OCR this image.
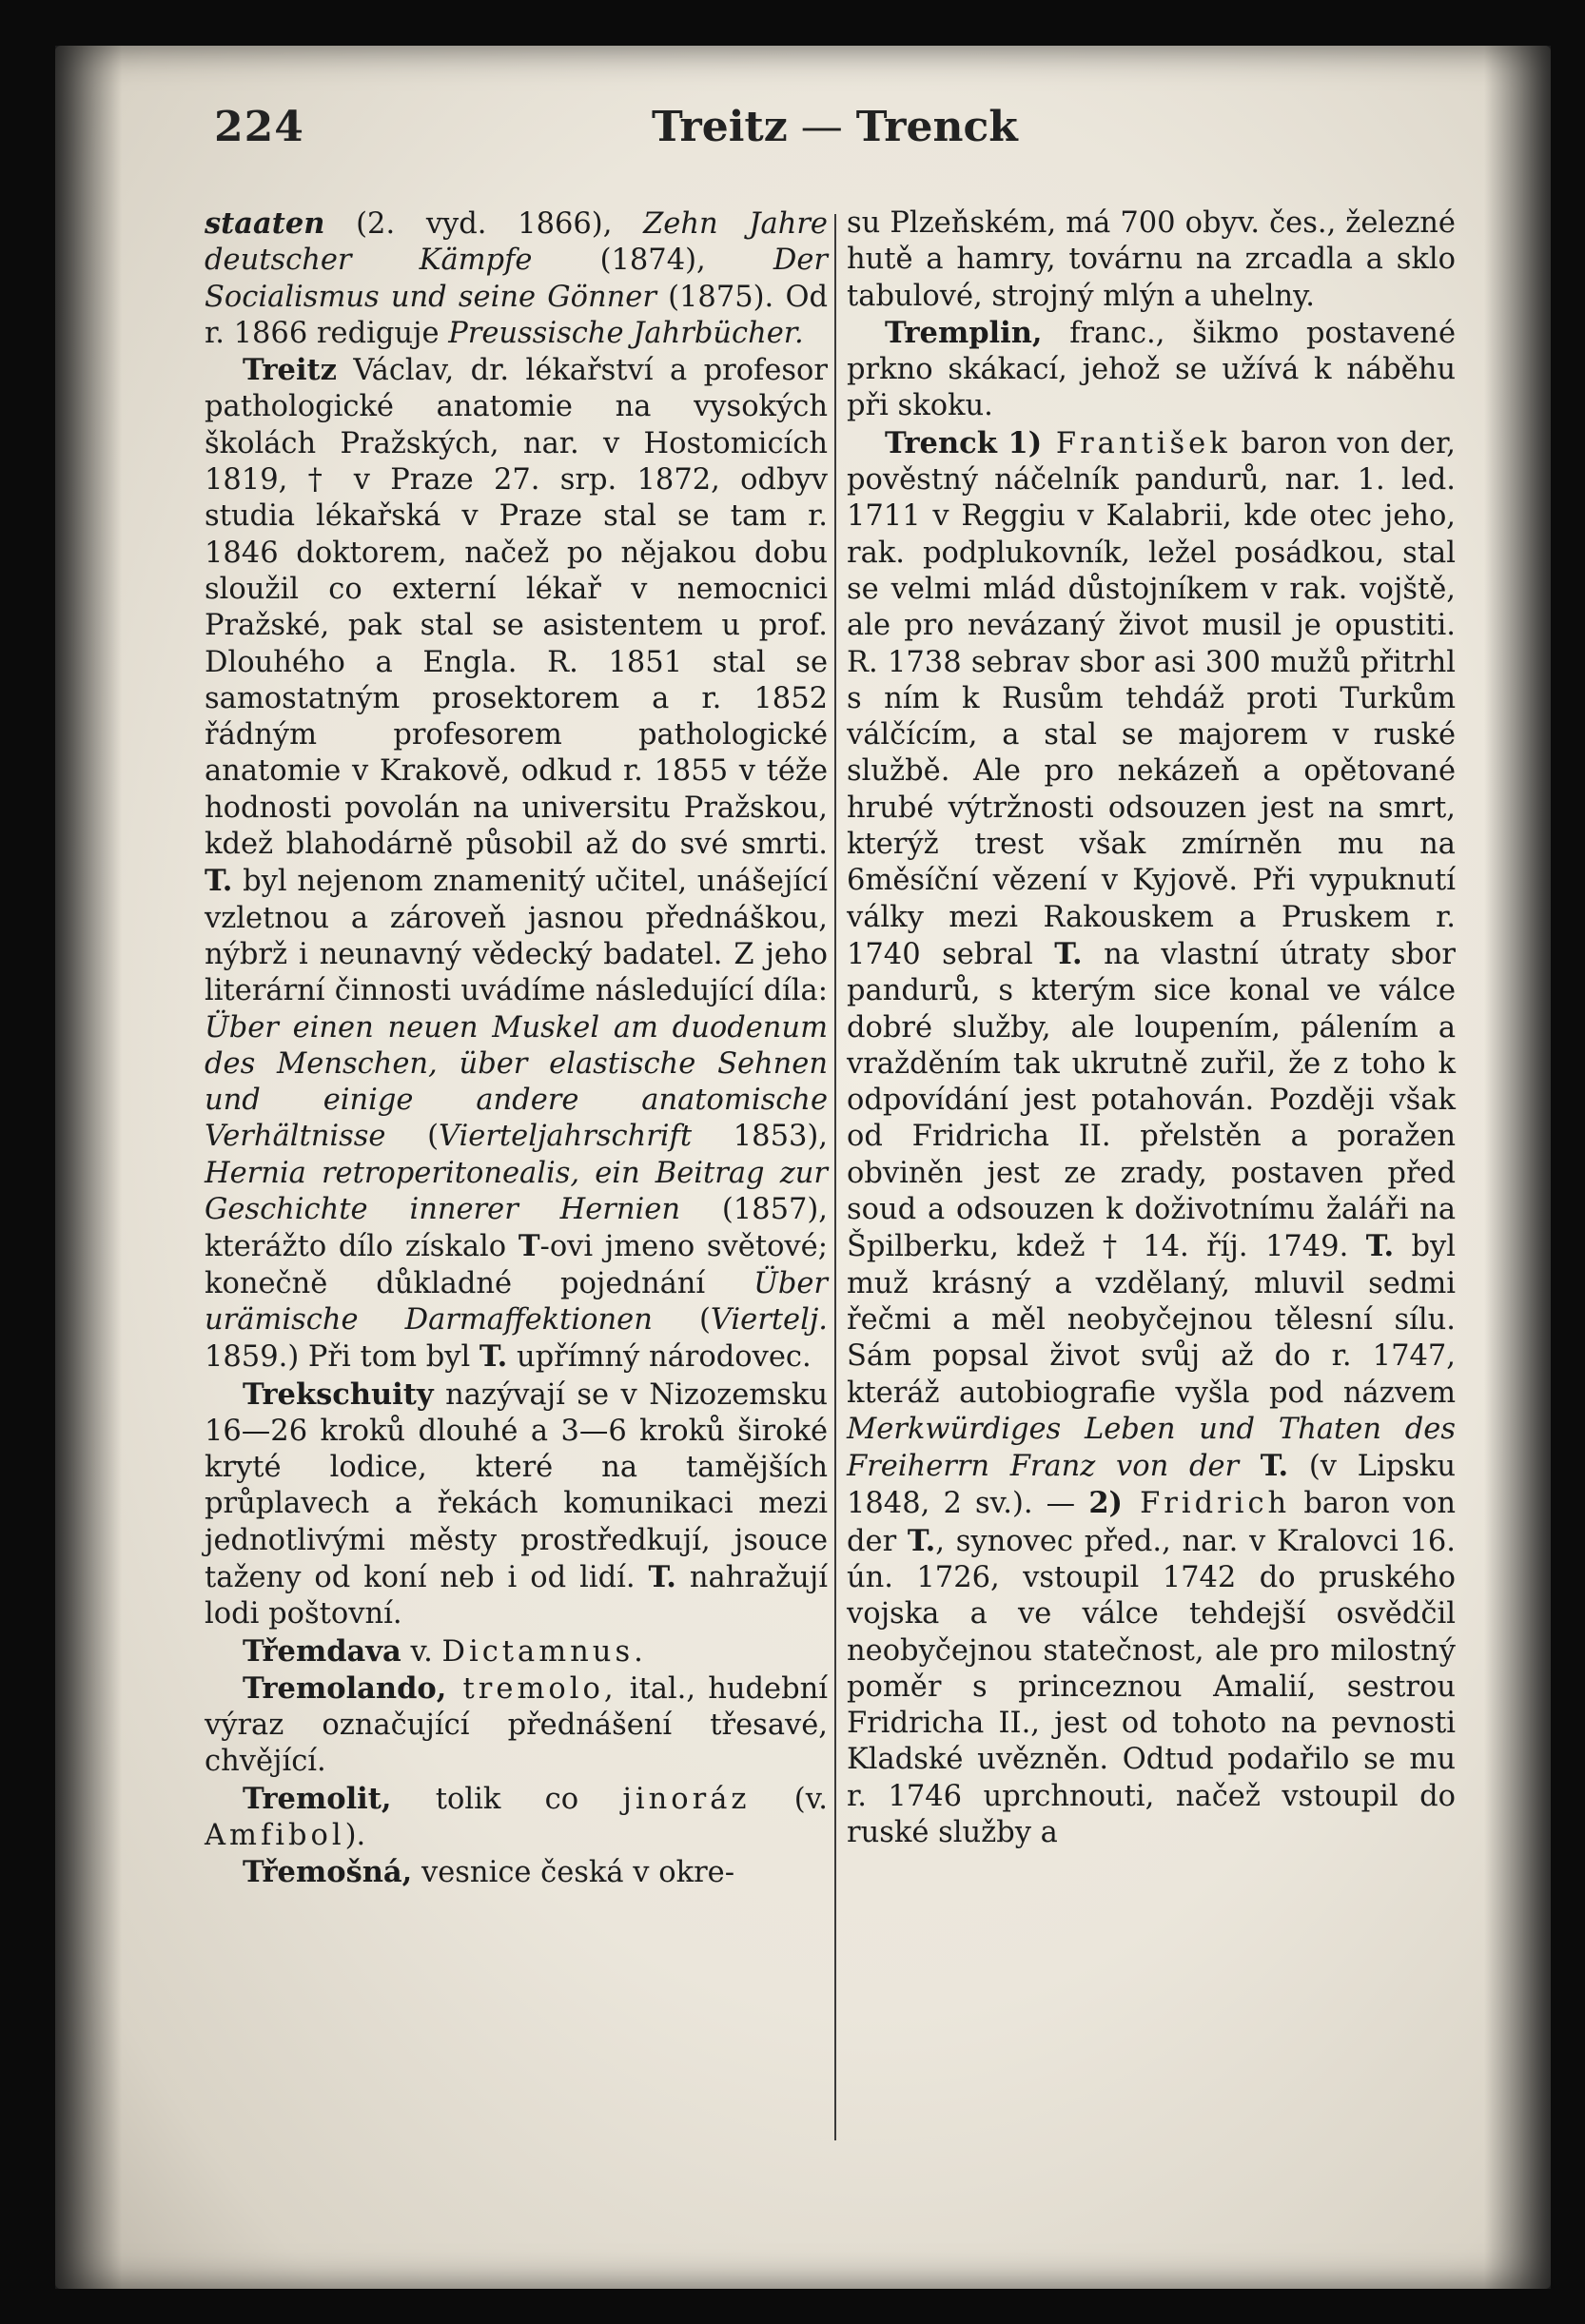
224	Treitz — Trenck

staaten (2. vyd. 1866), Zehn Jahre deutscher Kämpfe (1874), Der Socialismus und seine Gönner (1875). Od r. 1866 rediguje Preussische Jahrbücher.

Treitz Václav, dr. lékařství a profesor pathologické anatomie na vysokých školách Pražských, nar. v Hostomicích 1819, † v Praze 27. srp. 1872, odbyv studia lékařská v Praze stal se tam r. 1846 doktorem, načež po nějakou dobu sloužil co externí lékař v nemocnici Pražské, pak stal se asistentem u prof. Dlouhého a Engla. R. 1851 stal se samostatným prosektorem a r. 1852 řádným profesorem pathologické anatomie v Krakově, odkud r. 1855 v téže hodnosti povolán na universitu Pražskou, kdež blahodárně působil až do své smrti. T. byl nejenom znamenitý učitel, unášející vzletnou a zároveň jasnou přednáškou, nýbrž i neunavný vědecký badatel. Z jeho literární činnosti uvádíme následující díla: Über einen neuen Muskel am duodenum des Menschen, über elastische Sehnen und einige andere anatomische Verhältnisse (Vierteljahrschrift 1853), Hernia retroperitonealis, ein Beitrag zur Geschichte innerer Hernien (1857), kterážto dílo získalo T-ovi jmeno světové; konečně důkladné pojednání Über urämische Darmaffektionen (Viertelj. 1859.) Při tom byl T. upřímný národovec.

Trekschuity nazývají se v Nizozemsku 16—26 kroků dlouhé a 3—6 kroků široké kryté lodice, které na tamějších průplavech a řekách komunikaci mezi jednotlivými městy prostředkují, jsouce taženy od koní neb i od lidí. T. nahražují lodi poštovní.

Třemdava v. Dictamnus.

Tremolando, tremolo, ital., hudební výraz označující přednášení třesavé, chvějící.

Tremolit, tolik co jinoráz (v. Amfibol).

Třemošná, vesnice česká v okre-

su Plzeňském, má 700 obyv. čes., železné hutě a hamry, továrnu na zrcadla a sklo tabulové, strojný mlýn a uhelny.

Tremplin, franc., šikmo postavené prkno skákací, jehož se užívá k náběhu při skoku.

Trenck 1) František baron von der, pověstný náčelník pandurů, nar. 1. led. 1711 v Reggiu v Kalabrii, kde otec jeho, rak. podplukovník, ležel posádkou, stal se velmi mlád důstojníkem v rak. vojště, ale pro nevázaný život musil je opustiti. R. 1738 sebrav sbor asi 300 mužů přitrhl s ním k Rusům tehdáž proti Turkům válčícím, a stal se majorem v ruské službě. Ale pro nekázeň a opětované hrubé výtržnosti odsouzen jest na smrt, kterýž trest však zmírněn mu na 6měsíční vězení v Kyjově. Při vypuknutí války mezi Rakouskem a Pruskem r. 1740 sebral T. na vlastní útraty sbor pandurů, s kterým sice konal ve válce dobré služby, ale loupením, pálením a vražděním tak ukrutně zuřil, že z toho k odpovídání jest potahován. Později však od Fridricha II. přelstěn a poražen obviněn jest ze zrady, postaven před soud a odsouzen k doživotnímu žaláři na Špilberku, kdež † 14. říj. 1749. T. byl muž krásný a vzdělaný, mluvil sedmi řečmi a měl neobyčejnou tělesní sílu. Sám popsal život svůj až do r. 1747, kteráž autobiografie vyšla pod názvem Merkwürdiges Leben und Thaten des Freiherrn Franz von der T. (v Lipsku 1848, 2 sv.). — 2) Fridrich baron von der T., synovec před., nar. v Kralovci 16. ún. 1726, vstoupil 1742 do pruského vojska a ve válce tehdejší osvědčil neobyčejnou statečnost, ale pro milostný poměr s princeznou Amalií, sestrou Fridricha II., jest od tohoto na pevnosti Kladské uvězněn. Odtud podařilo se mu r. 1746 uprchnouti, načež vstoupil do ruské služby a
